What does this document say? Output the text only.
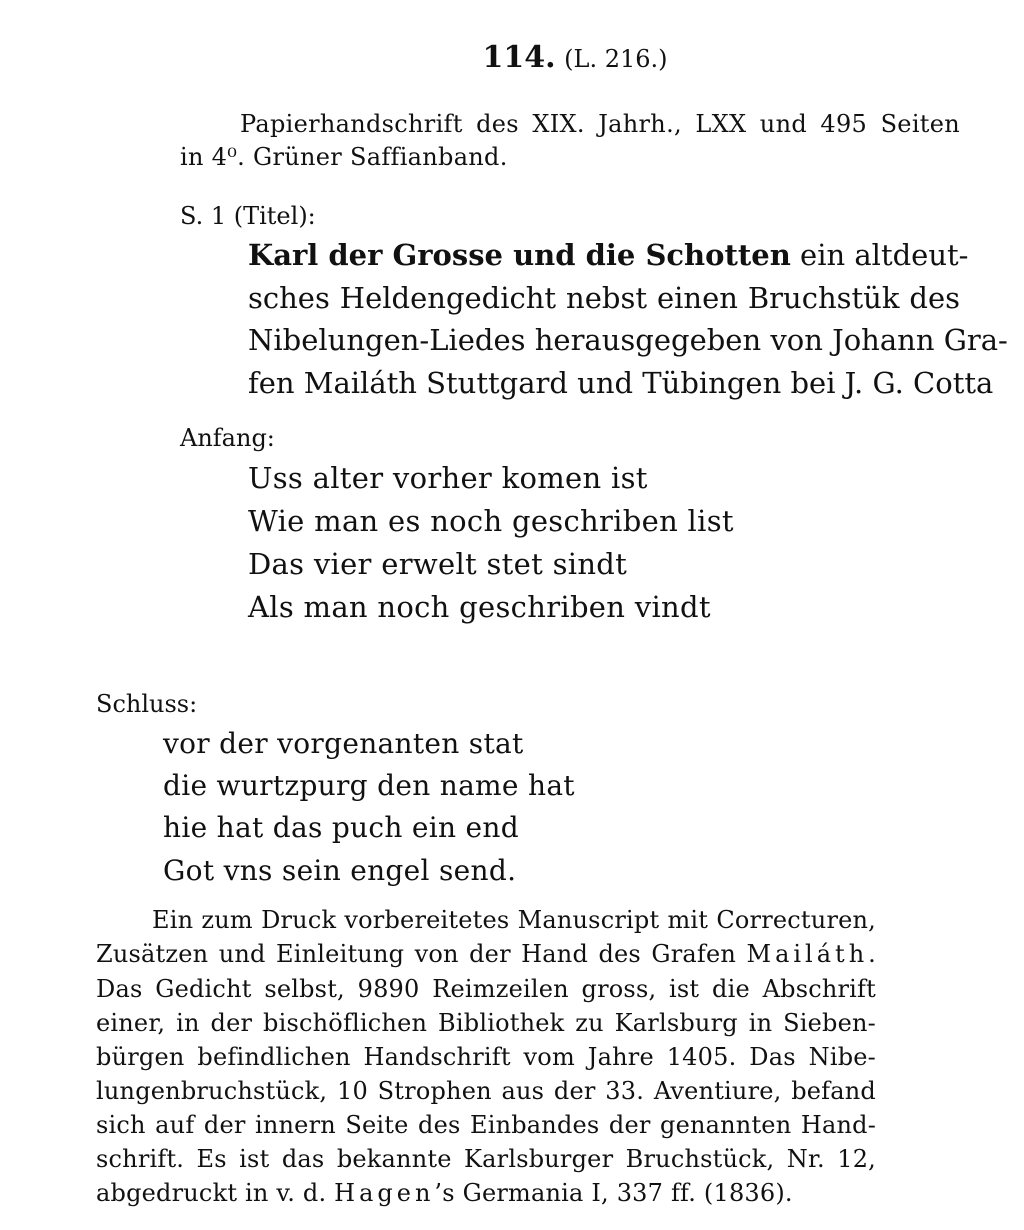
114. (L. 216.)
Papierhandschrift des XIX. Jahrh., LXX und 495 Seiten
in 4⁰. Grüner Saffianband.
S. 1 (Titel):
Karl der Grosse und die Schotten ein altdeut-
sches Heldengedicht nebst einen Bruchstük des
Nibelungen-Liedes herausgegeben von Johann Gra-
fen Mailáth Stuttgard und Tübingen bei J. G. Cotta
Anfang:
Uss alter vorher komen ist
Wie man es noch geschriben list
Das vier erwelt stet sindt
Als man noch geschriben vindt
Schluss:
vor der vorgenanten stat
die wurtzpurg den name hat
hie hat das puch ein end
Got vns sein engel send.
Ein zum Druck vorbereitetes Manuscript mit Correcturen,
Zusätzen und Einleitung von der Hand des Grafen Mailáth.
Das Gedicht selbst, 9890 Reimzeilen gross, ist die Abschrift
einer, in der bischöflichen Bibliothek zu Karlsburg in Sieben-
bürgen befindlichen Handschrift vom Jahre 1405. Das Nibe-
lungenbruchstück, 10 Strophen aus der 33. Aventiure, befand
sich auf der innern Seite des Einbandes der genannten Hand-
schrift. Es ist das bekannte Karlsburger Bruchstück, Nr. 12,
abgedruckt in v. d. Hagen’s Germania I, 337 ff. (1836).
